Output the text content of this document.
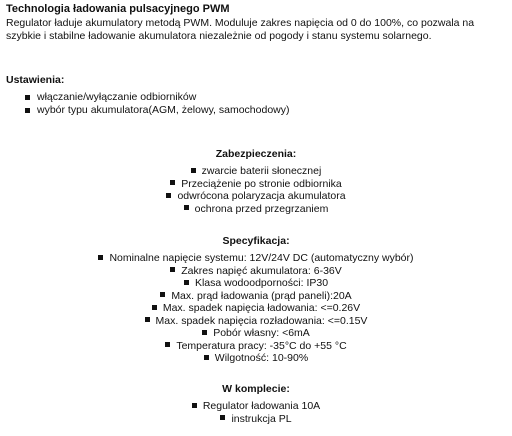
Technologia ładowania pulsacyjnego PWM

Regulator ładuje akumulatory metodą PWM. Moduluje zakres napięcia od 0 do 100%, co pozwala na szybkie i stabilne ładowanie akumulatora niezależnie od pogody i stanu systemu solarnego.

Ustawienia:
włączanie/wyłączanie odbiorników
wybór typu akumulatora(AGM, żelowy, samochodowy)
Zabezpieczenia:
zwarcie baterii słonecznej
Przeciążenie po stronie odbiornika
odwrócona polaryzacja akumulatora
ochrona przed przegrzaniem
Specyfikacja:
Nominalne napięcie systemu: 12V/24V DC (automatyczny wybór)
Zakres napięć akumulatora: 6-36V
Klasa wodoodporności: IP30
Max. prąd ładowania (prąd paneli):20A
Max. spadek napięcia ładowania: <=0.26V
Max. spadek napięcia rozładowania: <=0.15V
Pobór własny: <6mA
Temperatura pracy: -35°C do +55 °C
Wilgotność: 10-90%
W komplecie:
Regulator ładowania 10A
instrukcja PL
